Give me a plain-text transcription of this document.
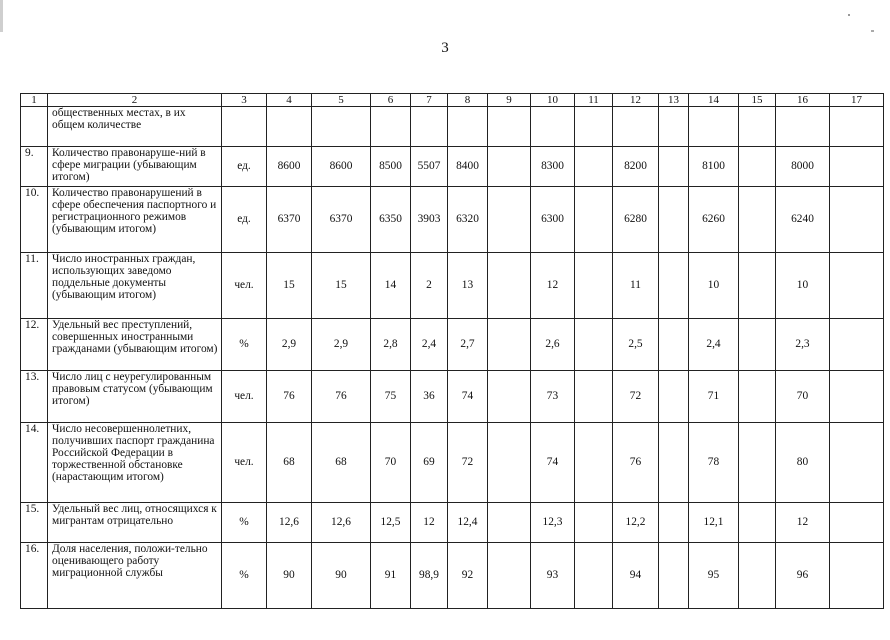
3
1	2	3	4	5	6	7	8	9	10	11	12	13	14	15	16	17
	общественных местах, в их общем количестве															
9.	Количество правонаруше-ний в сфере миграции (убывающим итогом)	ед.	8600	8600	8500	5507	8400		8300		8200		8100		8000	
10.	Количество правонарушений в сфере обеспечения паспортного и регистрационного режимов (убывающим итогом)	ед.	6370	6370	6350	3903	6320		6300		6280		6260		6240	
11.	Число иностранных граждан, использующих заведомо поддельные документы (убывающим итогом)	чел.	15	15	14	2	13		12		11		10		10	
12.	Удельный вес преступлений, совершенных иностранными гражданами (убывающим итогом)	%	2,9	2,9	2,8	2,4	2,7		2,6		2,5		2,4		2,3	
13.	Число лиц с неурегулированным правовым статусом (убывающим итогом)	чел.	76	76	75	36	74		73		72		71		70	
14.	Число несовершеннолетних, получивших паспорт гражданина Российской Федерации в торжественной обстановке (нарастающим итогом)	чел.	68	68	70	69	72		74		76		78		80	
15.	Удельный вес лиц, относящихся к мигрантам отрицательно	%	12,6	12,6	12,5	12	12,4		12,3		12,2		12,1		12	
16.	Доля населения, положи-тельно оценивающего работу миграционной службы	%	90	90	91	98,9	92		93		94		95		96	
